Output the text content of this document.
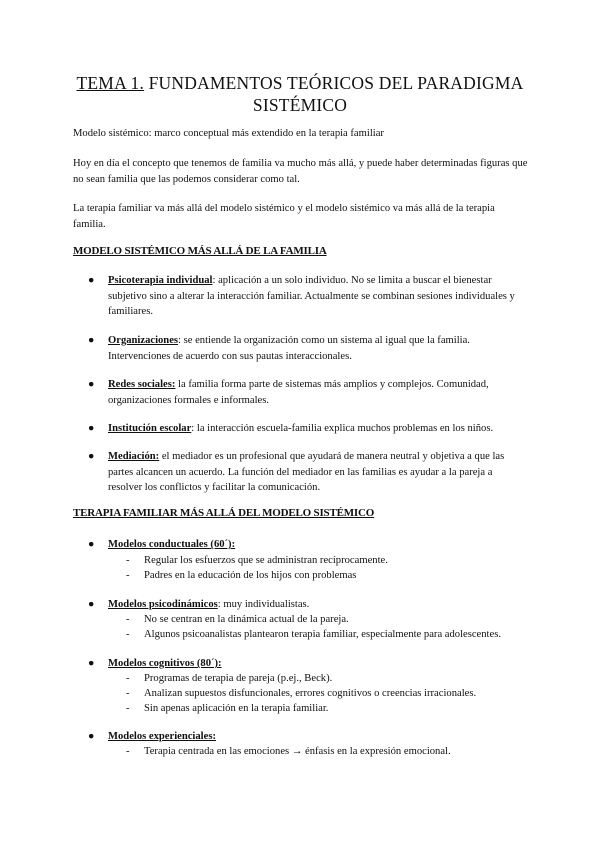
TEMA 1. FUNDAMENTOS TEÓRICOS DEL PARADIGMA
SISTÉMICO
Modelo sistémico: marco conceptual más extendido en la terapia familiar
Hoy en día el concepto que tenemos de familia va mucho más allá, y puede haber determinadas figuras que no sean familia que las podemos considerar como tal.
La terapia familiar va más allá del modelo sistémico y el modelo sistémico va más allá de la terapia familia.
MODELO SISTÉMICO MÁS ALLÁ DE LA FAMILIA
●	Psicoterapia individual: aplicación a un solo individuo. No se limita a buscar el bienestar subjetivo sino a alterar la interacción familiar. Actualmente se combinan sesiones individuales y familiares.
●	Organizaciones: se entiende la organización como un sistema al igual que la familia. Intervenciones de acuerdo con sus pautas interaccionales.
●	Redes sociales: la familia forma parte de sistemas más amplios y complejos. Comunidad, organizaciones formales e informales.
●	Institución escolar: la interacción escuela-familia explica muchos problemas en los niños.
●	Mediación: el mediador es un profesional que ayudará de manera neutral y objetiva a que las partes alcancen un acuerdo. La función del mediador en las familias es ayudar a la pareja a resolver los conflictos y facilitar la comunicación.
TERAPIA FAMILIAR MÁS ALLÁ DEL MODELO SISTÉMICO
●	Modelos conductuales (60´):
- Regular los esfuerzos que se administran recíprocamente.
- Padres en la educación de los hijos con problemas
●	Modelos psicodinámicos: muy individualistas.
- No se centran en la dinámica actual de la pareja.
- Algunos psicoanalistas plantearon terapia familiar, especialmente para adolescentes.
●	Modelos cognitivos (80´):
- Programas de terapia de pareja (p.ej., Beck).
- Analizan supuestos disfuncionales, errores cognitivos o creencias irracionales.
- Sin apenas aplicación en la terapia familiar.
●	Modelos experienciales:
- Terapia centrada en las emociones → énfasis en la expresión emocional.
